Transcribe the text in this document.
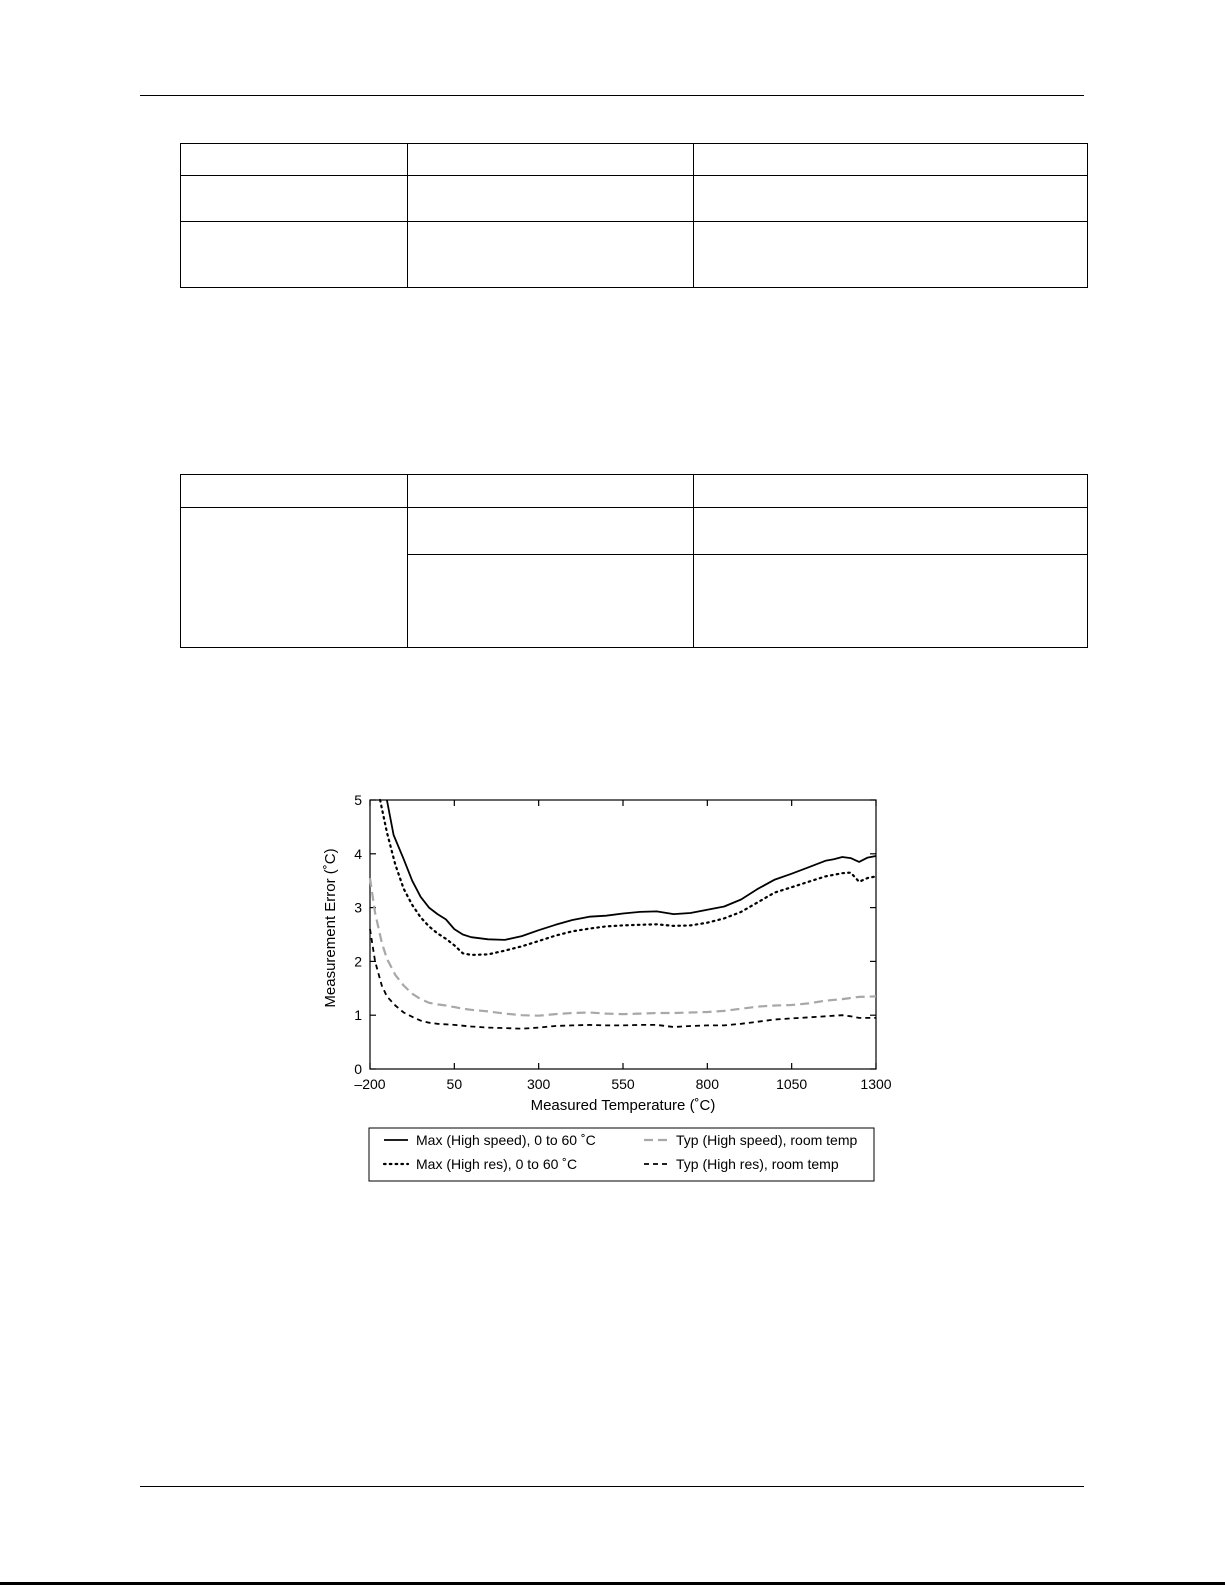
–200	50	300	550	800	1050	1300
0
1
2
3
4
5
Measured Temperature (˚C)
Measurement Error (˚C)
Max (High speed), 0 to 60 ˚C	Typ (High speed), room temp
Max (High res), 0 to 60 ˚C	Typ (High res), room temp
